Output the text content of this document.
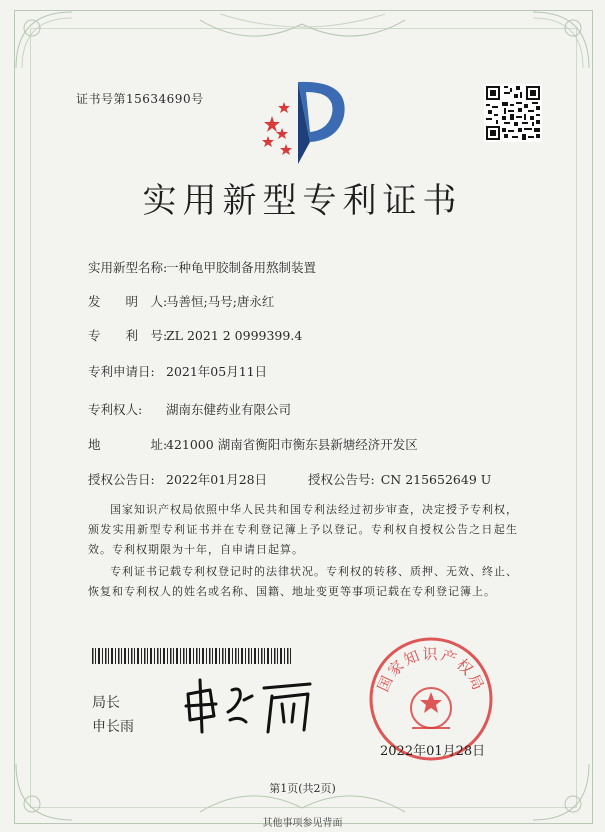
证书号第15634690号
实用新型专利证书
实用新型名称:一种龟甲胶制备用熬制装置
发　　明　人:马善恒;马号;唐永红
专　　利　号:ZL 2021 2 0999399.4
专利申请日: 2021年05月11日
专利权人: 湖南东健药业有限公司
地　　　　址:421000 湖南省衡阳市衡东县新塘经济开发区
授权公告日: 2022年01月28日	授权公告号: CN 215652649 U
国家知识产权局依照中华人民共和国专利法经过初步审查，决定授予专利权，颁发实用新型专利证书并在专利登记簿上予以登记。专利权自授权公告之日起生效。专利权期限为十年，自申请日起算。
专利证书记载专利权登记时的法律状况。专利权的转移、质押、无效、终止、恢复和专利权人的姓名或名称、国籍、地址变更等事项记载在专利登记簿上。
局长
申长雨
国家知识产权局
2022年01月28日
第1页(共2页)
其他事项参见背面
